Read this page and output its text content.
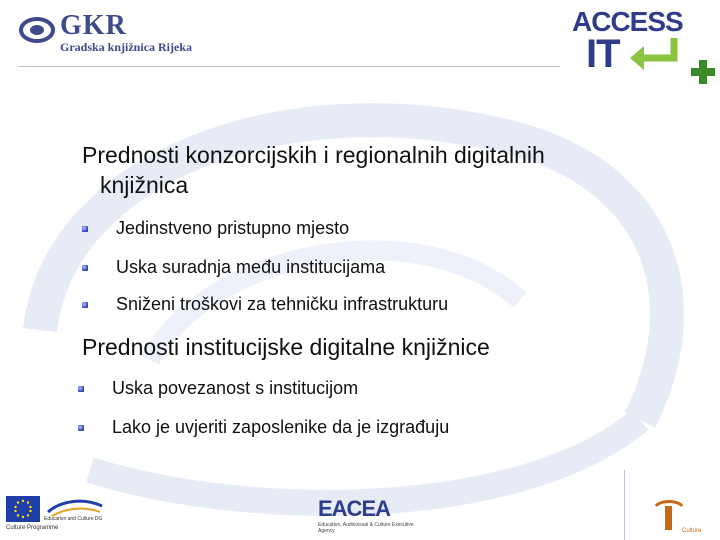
GKR
Gradska knjižnica Rijeka
ACCESS
IT
Prednosti konzorcijskih i regionalnih digitalnih
knjižnica
Jedinstveno pristupno mjesto
Uska suradnja među institucijama
Sniženi troškovi za tehničku infrastrukturu
Prednosti institucijske digitalne knjižnice
Uska povezanost s institucijom
Lako je uvjeriti zaposlenike da je izgrađuju
Culture Programme
Education and Culture DG	EACEA
Education, Audiovisual & Culture Executive Agency	Culture
